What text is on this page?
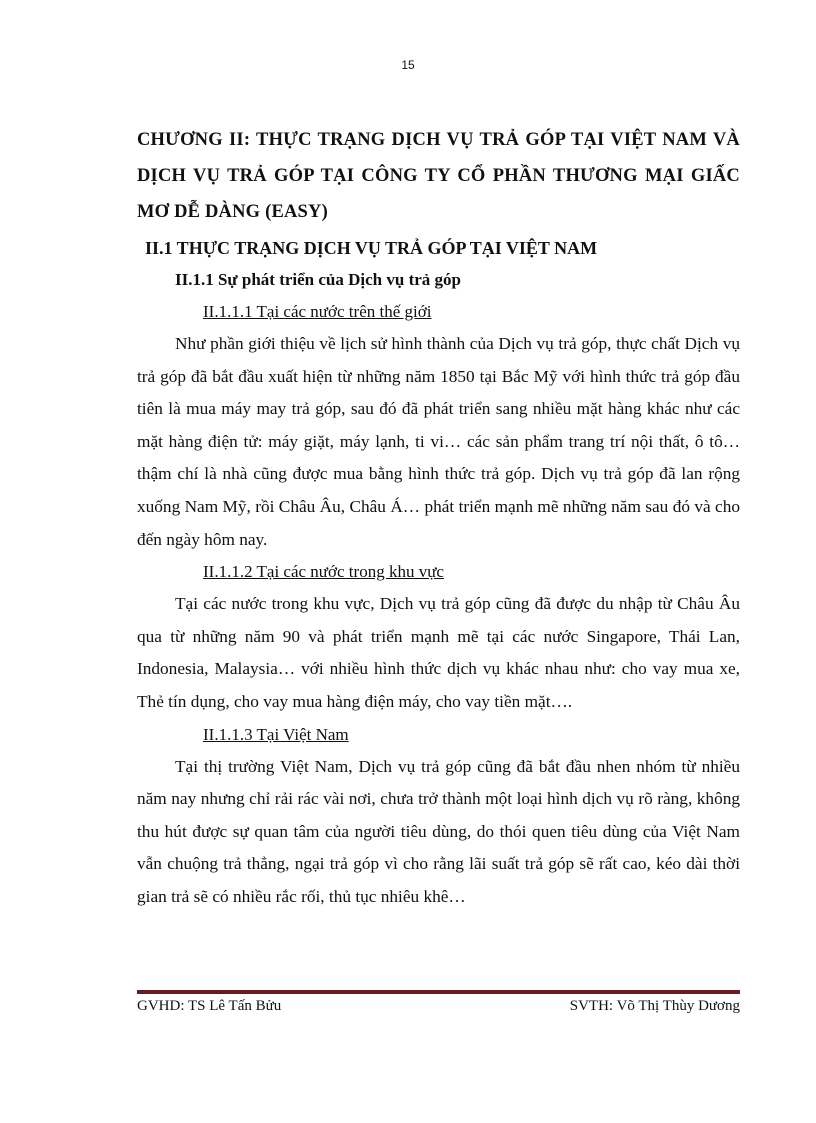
15

CHƯƠNG II: THỰC TRẠNG DỊCH VỤ TRẢ GÓP TẠI VIỆT NAM VÀ DỊCH VỤ TRẢ GÓP TẠI CÔNG TY CỔ PHẦN THƯƠNG MẠI GIẤC MƠ DỄ DÀNG (EASY)

II.1 THỰC TRẠNG DỊCH VỤ TRẢ GÓP TẠI VIỆT NAM
II.1.1 Sự phát triển của Dịch vụ trả góp
II.1.1.1 Tại các nước trên thế giới

Như phần giới thiệu về lịch sử hình thành của Dịch vụ trả góp, thực chất Dịch vụ trả góp đã bắt đầu xuất hiện từ những năm 1850 tại Bắc Mỹ với hình thức trả góp đầu tiên là mua máy may trả góp, sau đó đã phát triển sang nhiều mặt hàng khác như các mặt hàng điện tử: máy giặt, máy lạnh, ti vi… các sản phẩm trang trí nội thất, ô tô… thậm chí là nhà cũng được mua bằng hình thức trả góp. Dịch vụ trả góp đã lan rộng xuống Nam Mỹ, rồi Châu Âu, Châu Á… phát triển mạnh mẽ những năm sau đó và cho đến ngày hôm nay.

II.1.1.2 Tại các nước trong khu vực

Tại các nước trong khu vực, Dịch vụ trả góp cũng đã được du nhập từ Châu Âu qua từ những năm 90 và phát triển mạnh mẽ tại các nước Singapore, Thái Lan, Indonesia, Malaysia… với nhiều hình thức dịch vụ khác nhau như: cho vay mua xe, Thẻ tín dụng, cho vay mua hàng điện máy, cho vay tiền mặt….

II.1.1.3 Tại Việt Nam

Tại thị trường Việt Nam, Dịch vụ trả góp cũng đã bắt đầu nhen nhóm từ nhiều năm nay nhưng chỉ rải rác vài nơi, chưa trở thành một loại hình dịch vụ rõ ràng, không thu hút được sự quan tâm của người tiêu dùng, do thói quen tiêu dùng của Việt Nam vẫn chuộng trả thẳng, ngại trả góp vì cho rằng lãi suất trả góp sẽ rất cao, kéo dài thời gian trả sẽ có nhiều rắc rối, thủ tục nhiêu khê…

GVHD: TS Lê Tấn Bửu	SVTH: Võ Thị Thùy Dương
